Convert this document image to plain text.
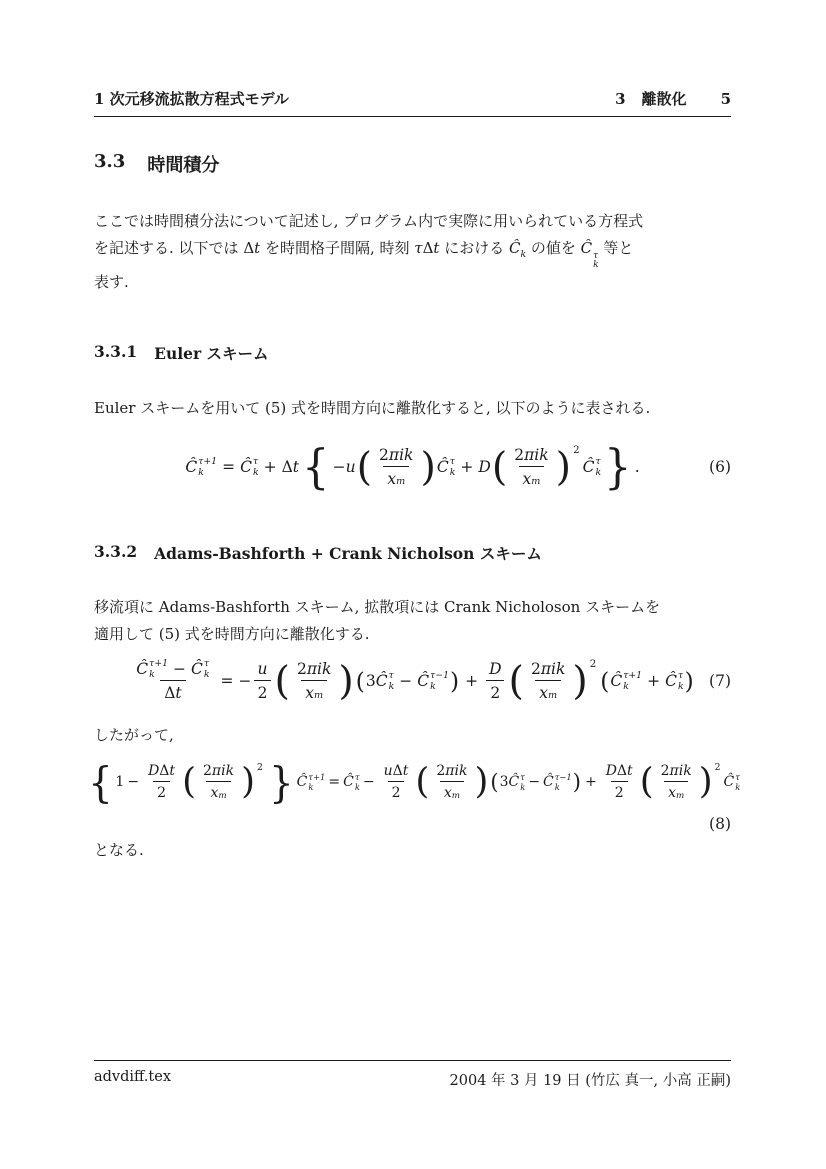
1 次元移流拡散方程式モデル	3 離散化 5
3.3 時間積分
ここでは時間積分法について記述し, プログラム内で実際に用いられている方程式
を記述する. 以下では Δt を時間格子間隔, 時刻 τΔt における $Ĉ_k$ の値を Ĉ τ
k
等と
表す.
3.3.1 Euler スキーム
Euler スキームを用いて (5) 式を時間方向に離散化すると, 以下のように表される.
Ĉ τ+1
k	= Ĉ τ
k + Δ t { − u ( $\frac{\text{2 πik}}{\text{x m}}$ ) Ĉ τ
k + D ( $\frac{\text{2 πik}}{\text{x m}}$ ) 2
Ĉ τ
k } .	(6)
3.3.2 Adams-Bashforth + Crank Nicholson スキーム
移流項に Adams-Bashforth スキーム, 拡散項には Crank Nicholoson スキームを
適用して (5) 式を時間方向に離散化する.
Ĉ τ+1
k	− Ĉ τ
k
Δ t = − $\frac{u}{2}$ ( $\frac{\text{2 πik}}{\text{x m}}$ ) ( 3 Ĉ τ
k − Ĉ τ−1
k ) + $\frac{D}{2}$ ( $\frac{\text{2 πik}}{\text{x m}}$ ) 2
( Ĉ τ+1
k	+ Ĉ τ
k ) (7)
したがって,
{ $1 - \frac{\text{D Δ t}}{2}$ ( $\frac{\text{2 πik}}{\text{x m}}$ ) 2 } Ĉ τ+1
k	= Ĉ τ
$k - \frac{\text{u Δ t}}{2}$ ( $\frac{\text{2 πik}}{\text{x m}}$ ) ( 3 Ĉ τ
k − Ĉ τ−1
k ) + $\frac{\text{D Δ t}}{2}$ ( $\frac{\text{2 πik}}{\text{x m}}$ ) 2
Ĉ τ
k
(8)
となる.
advdiff.tex	2004 年 3 月 19 日 (竹広 真一, 小高 正嗣)
